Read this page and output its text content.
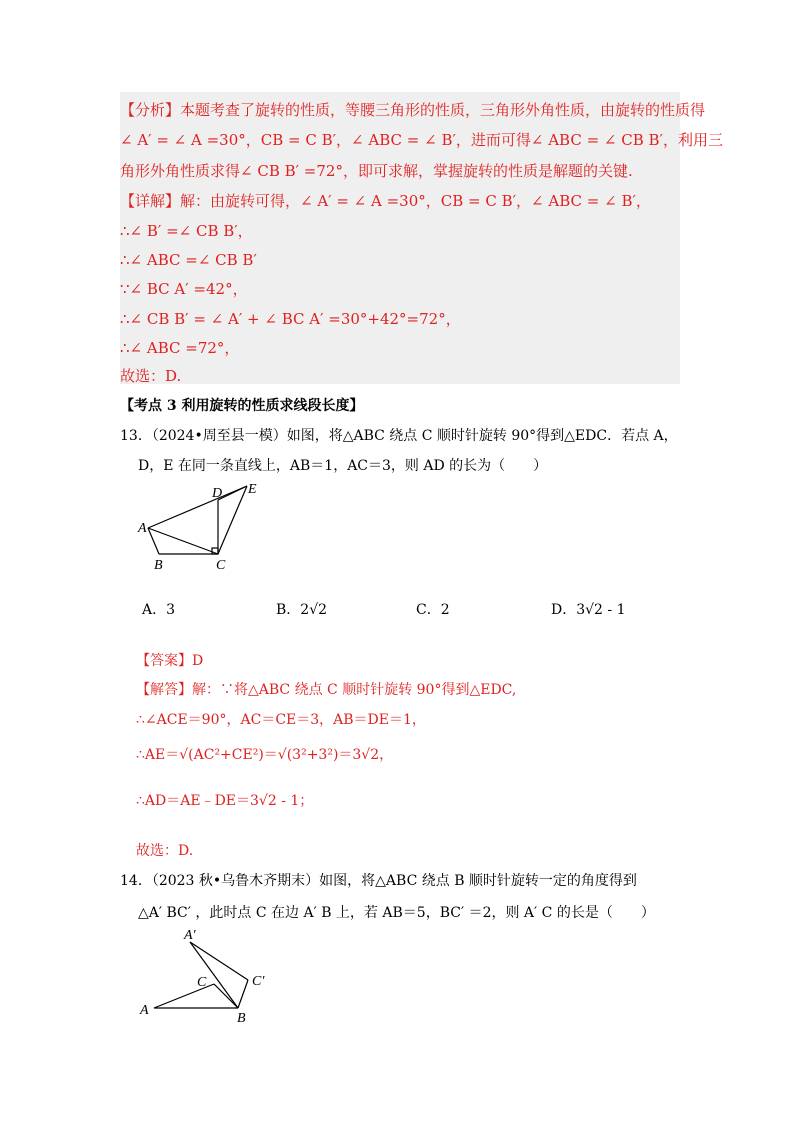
【分析】本题考查了旋转的性质，等腰三角形的性质，三角形外角性质，由旋转的性质得
∠ A′ = ∠ A =30°，CB = C B′，∠ ABC = ∠ B′，进而可得∠ ABC = ∠ CB B′，利用三
角形外角性质求得∠ CB B′ =72°，即可求解，掌握旋转的性质是解题的关键.
【详解】解：由旋转可得，∠ A′ = ∠ A =30°，CB = C B′，∠ ABC = ∠ B′，
∴∠ B′ =∠ CB B′，
∴∠ ABC =∠ CB B′
∵∠ BC A′ =42°，
∴∠ CB B′ = ∠ A′ + ∠ BC A′ =30°+42°=72°，
∴∠ ABC =72°，
故选：D.
【考点 3 利用旋转的性质求线段长度】
13．（2024•周至县一模）如图，将△ABC 绕点 C 顺时针旋转 90°得到△EDC．若点 A，
D，E 在同一条直线上，AB＝1，AC＝3，则 AD 的长为（　　）
A
B	C
D E
A．3	B．2√2	C．2	D．3√2 - 1
【答案】D
【解答】解：∵将△ABC 绕点 C 顺时针旋转 90°得到△EDC,
∴∠ACE＝90°，AC＝CE＝3，AB＝DE＝1，
∴AE＝√(AC²+CE²)＝√(3²+3²)＝3√2，
∴AD＝AE﹣DE＝3√2 - 1；
故选：D.
14．（2023 秋•乌鲁木齐期末）如图，将△ABC 绕点 B 顺时针旋转一定的角度得到
△A′ BC′ ，此时点 C 在边 A′ B 上，若 AB＝5，BC′ ＝2，则 A′ C 的长是（　　）
A′
C	C′
A
B
